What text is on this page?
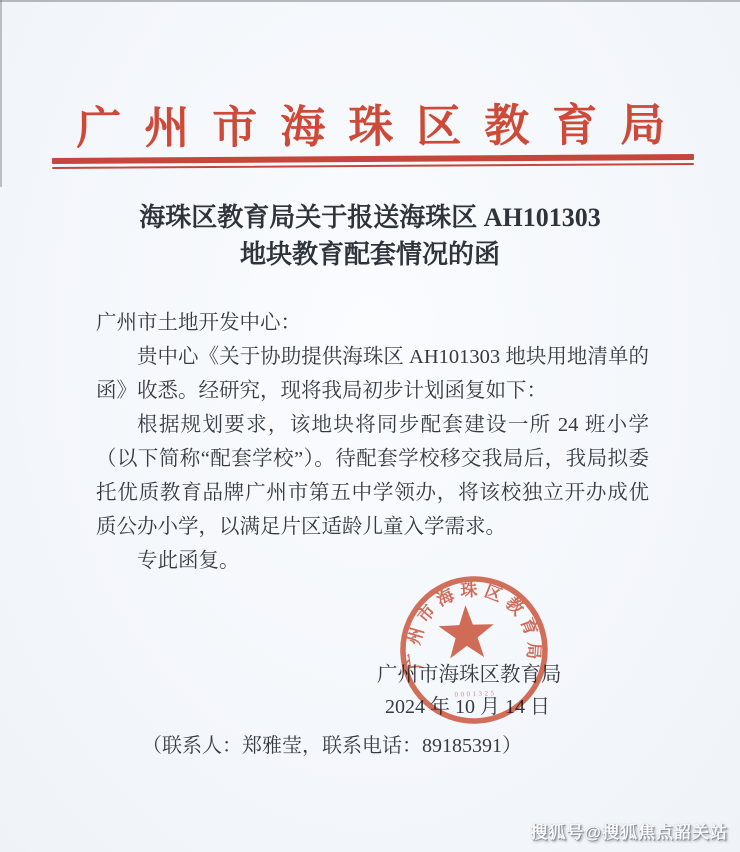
广州市海珠区教育局
海珠区教育局关于报送海珠区 AH101303
地块教育配套情况的函

广州市土地开发中心：

贵中心《关于协助提供海珠区 AH101303 地块用地清单的函》收悉。经研究，现将我局初步计划函复如下：

根据规划要求，该地块将同步配套建设一所 24 班小学（以下简称“配套学校”）。待配套学校移交我局后，我局拟委托优质教育品牌广州市第五中学领办，将该校独立开办成优质公办小学，以满足片区适龄儿童入学需求。

专此函复。

广州市海珠区教育局
2024 年 10 月 14 日
（联系人：郑雅莹，联系电话：89185391）
广州市海珠区教育局
0001325
搜狐号@搜狐焦点韶关站
